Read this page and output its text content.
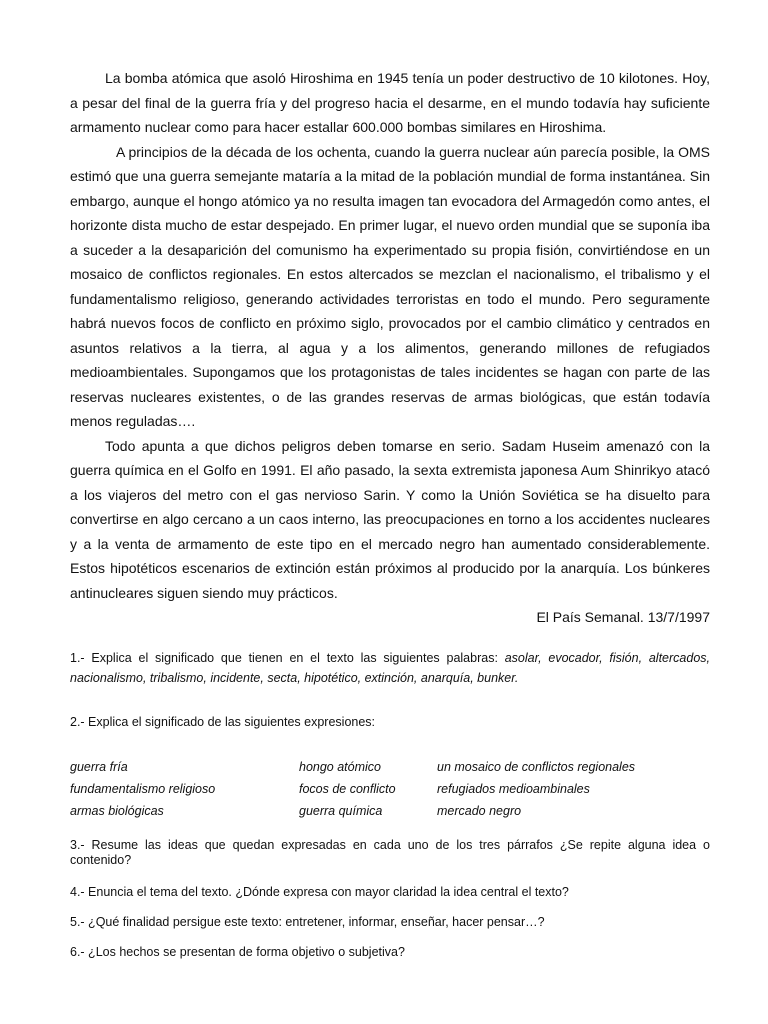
La bomba atómica que asoló Hiroshima en 1945 tenía un poder destructivo de 10 kilotones. Hoy, a pesar del final de la guerra fría y del progreso hacia el desarme, en el mundo todavía hay suficiente armamento nuclear como para hacer estallar 600.000 bombas similares en Hiroshima.

A principios de la década de los ochenta, cuando la guerra nuclear aún parecía posible, la OMS estimó que una guerra semejante mataría a la mitad de la población mundial de forma instantánea. Sin embargo, aunque el hongo atómico ya no resulta imagen tan evocadora del Armagedón como antes, el horizonte dista mucho de estar despejado. En primer lugar, el nuevo orden mundial que se suponía iba a suceder a la desaparición del comunismo ha experimentado su propia fisión, convirtiéndose en un mosaico de conflictos regionales. En estos altercados se mezclan el nacionalismo, el tribalismo y el fundamentalismo religioso, generando actividades terroristas en todo el mundo. Pero seguramente habrá nuevos focos de conflicto en próximo siglo, provocados por el cambio climático y centrados en asuntos relativos a la tierra, al agua y a los alimentos, generando millones de refugiados medioambientales. Supongamos que los protagonistas de tales incidentes se hagan con parte de las reservas nucleares existentes, o de las grandes reservas de armas biológicas, que están todavía menos reguladas….

Todo apunta a que dichos peligros deben tomarse en serio. Sadam Huseim amenazó con la guerra química en el Golfo en 1991. El año pasado, la sexta extremista japonesa Aum Shinrikyo atacó a los viajeros del metro con el gas nervioso Sarin. Y como la Unión Soviética se ha disuelto para convertirse en algo cercano a un caos interno, las preocupaciones en torno a los accidentes nucleares y a la venta de armamento de este tipo en el mercado negro han aumentado considerablemente. Estos hipotéticos escenarios de extinción están próximos al producido por la anarquía. Los búnkeres antinucleares siguen siendo muy prácticos.

El País Semanal. 13/7/1997

1.- Explica el significado que tienen en el texto las siguientes palabras: asolar, evocador, fisión, altercados, nacionalismo, tribalismo, incidente, secta, hipotético, extinción, anarquía, bunker.

2.- Explica el significado de las siguientes expresiones:

guerra fría	hongo atómico	un mosaico de conflictos regionales
fundamentalismo religioso	focos de conflicto	refugiados medioambinales
armas biológicas	guerra química	mercado negro

3.- Resume las ideas que quedan expresadas en cada uno de los tres párrafos ¿Se repite alguna idea o contenido?

4.- Enuncia el tema del texto. ¿Dónde expresa con mayor claridad la idea central el texto?

5.- ¿Qué finalidad persigue este texto: entretener, informar, enseñar, hacer pensar…?

6.- ¿Los hechos se presentan de forma objetivo o subjetiva?
